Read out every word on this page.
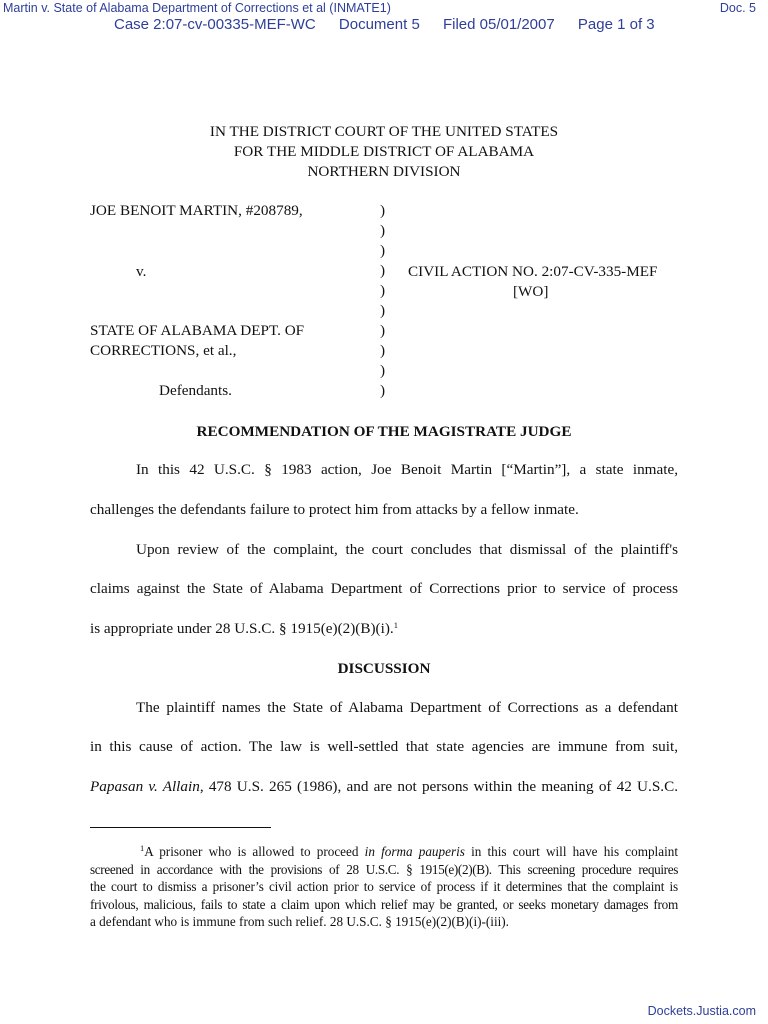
Martin v. State of Alabama Department of Corrections et al (INMATE1)	Doc. 5
Case 2:07-cv-00335-MEF-WC Document 5 Filed 05/01/2007 Page 1 of 3
IN THE DISTRICT COURT OF THE UNITED STATES
FOR THE MIDDLE DISTRICT OF ALABAMA
NORTHERN DIVISION
JOE BENOIT MARTIN, #208789,
v.
STATE OF ALABAMA DEPT. OF
CORRECTIONS, et al.,
Defendants.
)
)
)
)
)
)
)
)
)
)
CIVIL ACTION NO. 2:07-CV-335-MEF
[WO]
RECOMMENDATION OF THE MAGISTRATE JUDGE
In this 42 U.S.C. § 1983 action, Joe Benoit Martin [“Martin”], a state inmate,
challenges the defendants failure to protect him from attacks by a fellow inmate.
Upon review of the complaint, the court concludes that dismissal of the plaintiff's
claims against the State of Alabama Department of Corrections prior to service of process
is appropriate under 28 U.S.C. § 1915(e)(2)(B)(i).$^1$
DISCUSSION
The plaintiff names the State of Alabama Department of Corrections as a defendant
in this cause of action. The law is well-settled that state agencies are immune from suit,
Papasan v. Allain, 478 U.S. 265 (1986), and are not persons within the meaning of 42 U.S.C.
$^1$A prisoner who is allowed to proceed in forma pauperis in this court will have his complaint
screened in accordance with the provisions of 28 U.S.C. § 1915(e)(2)(B). This screening procedure requires
the court to dismiss a prisoner’s civil action prior to service of process if it determines that the complaint is
frivolous, malicious, fails to state a claim upon which relief may be granted, or seeks monetary damages from
a defendant who is immune from such relief. 28 U.S.C. § 1915(e)(2)(B)(i)-(iii).
Dockets.Justia.com
